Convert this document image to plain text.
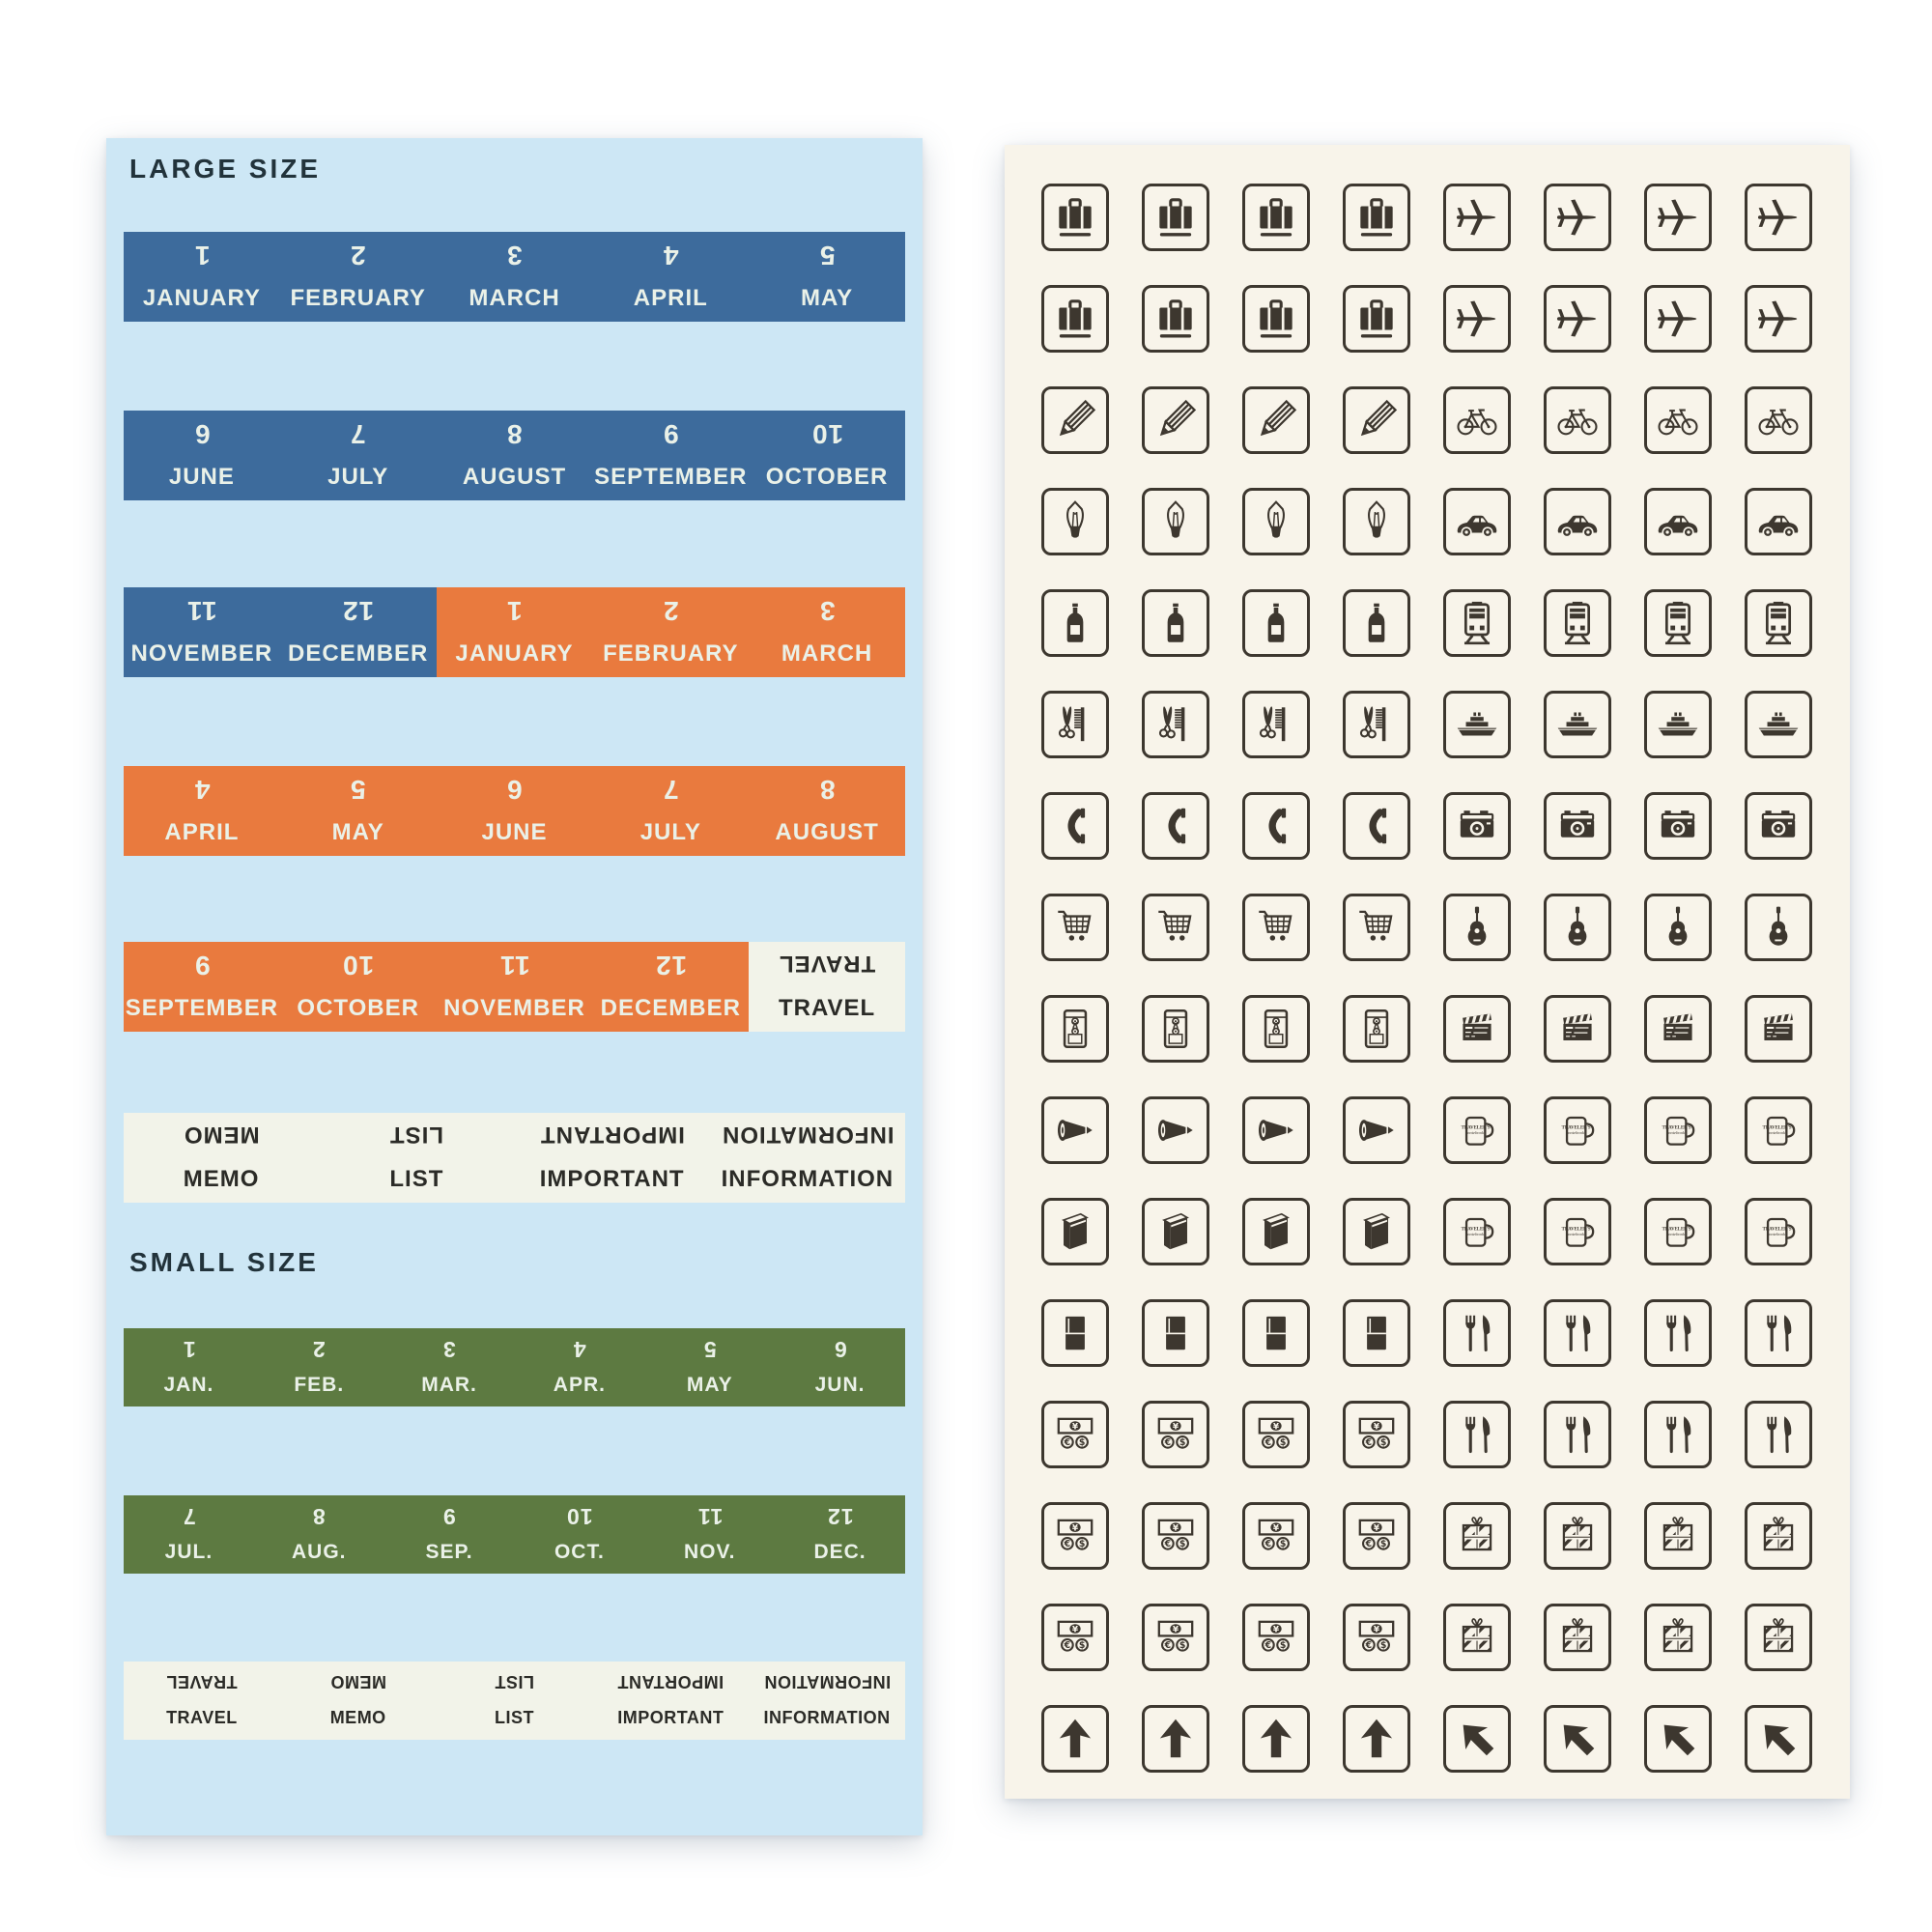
LARGE SIZE
SMALL SIZE
1
JANUARY
2
FEBRUARY
3
MARCH
4
APRIL
5
MAY
6
JUNE
7
JULY
8
AUGUST
9
SEPTEMBER
10
OCTOBER
11
NOVEMBER
12
DECEMBER
1
JANUARY
2
FEBRUARY
3
MARCH
4
APRIL
5
MAY
6
JUNE
7
JULY
8
AUGUST
9
SEPTEMBER
10
OCTOBER
11
NOVEMBER
12
DECEMBER
TRAVEL
TRAVEL
MEMO
MEMO
LIST
LIST
IMPORTANT
IMPORTANT
INFORMATION
INFORMATION
1
JAN.
2
FEB.
3
MAR.
4
APR.
5
MAY
6
JUN.
7
JUL.
8
AUG.
9
SEP.
10
OCT.
11
NOV.
12
DEC.
TRAVEL
TRAVEL
MEMO
MEMO
LIST
LIST
IMPORTANT
IMPORTANT
INFORMATION
INFORMATION
TRAVELER'S
notebook
TRAVELER'S
notebook
TRAVELER'S
notebook
TRAVELER'S
notebook
TRAVELER'S
notebook
TRAVELER'S
notebook
TRAVELER'S
notebook
TRAVELER'S
notebook
¥
€ $
¥
€ $
¥
€ $
¥
€ $
¥
€ $
¥
€ $
¥
€ $
¥
€ $
¥
€ $
¥
€ $
¥
€ $
¥
€ $
